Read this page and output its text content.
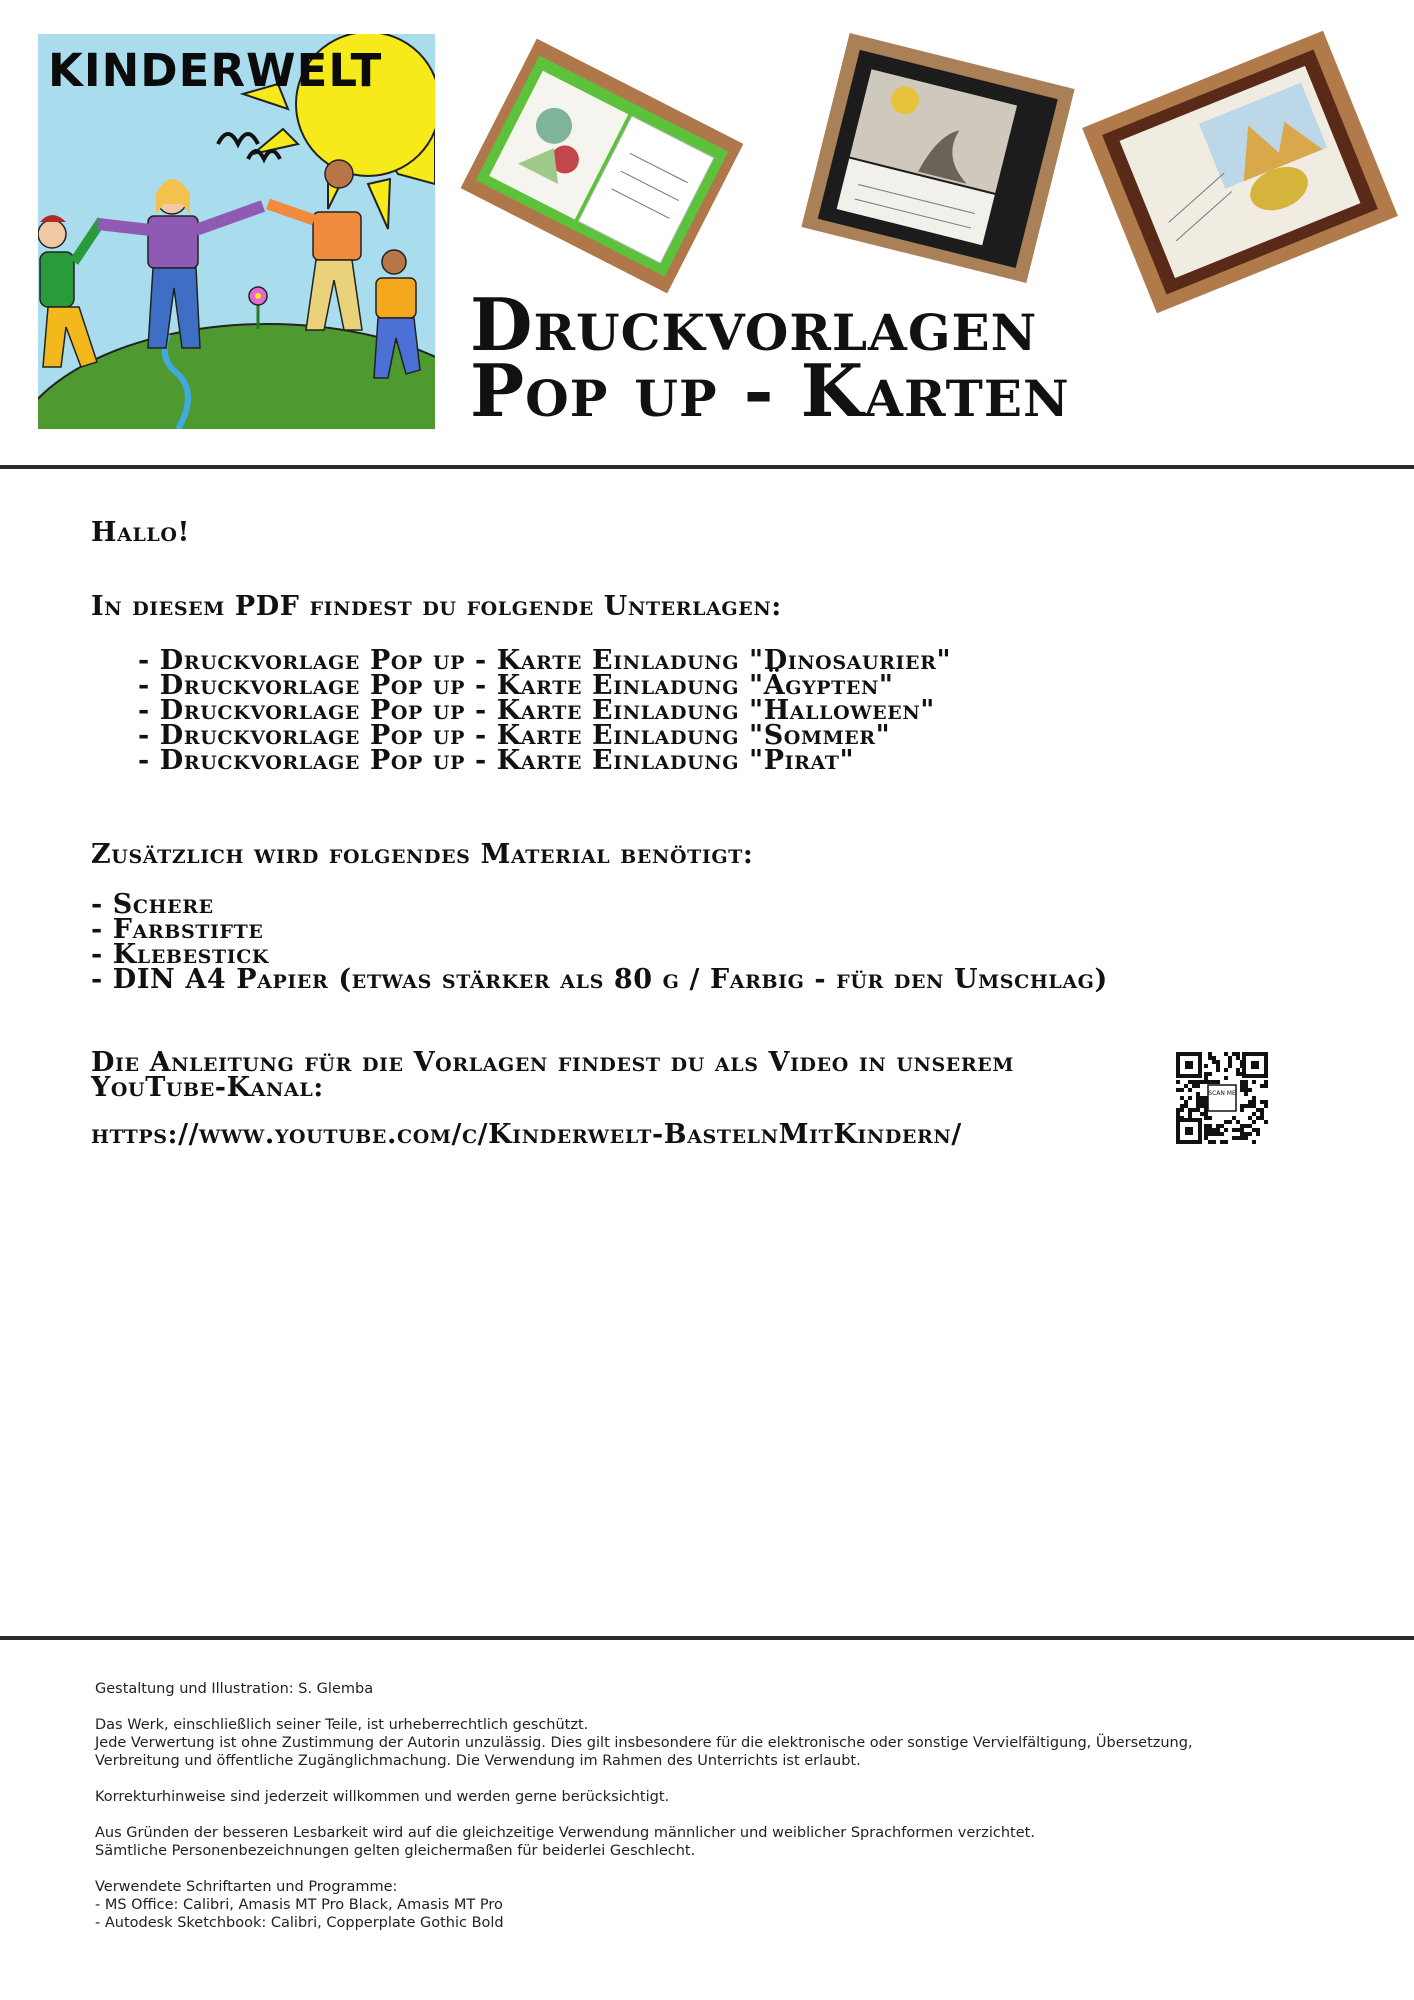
KINDERWELT
Druckvorlagen
Pop up - Karten
Hallo!
In diesem PDF findest du folgende Unterlagen:
- Druckvorlage Pop up - Karte Einladung "Dinosaurier"
- Druckvorlage Pop up - Karte Einladung "Ägypten"
- Druckvorlage Pop up - Karte Einladung "Halloween"
- Druckvorlage Pop up - Karte Einladung "Sommer"
- Druckvorlage Pop up - Karte Einladung "Pirat"
Zusätzlich wird folgendes Material benötigt:
- Schere
- Farbstifte
- Klebestick
- DIN A4 Papier (etwas stärker als 80 g / Farbig - für den Umschlag)
Die Anleitung für die Vorlagen findest du als Video in unserem
YouTube-Kanal:
https://www.youtube.com/c/Kinderwelt-BastelnMitKindern/
SCAN ME

Gestaltung und Illustration: S. Glemba

Das Werk, einschließlich seiner Teile, ist urheberrechtlich geschützt.
Jede Verwertung ist ohne Zustimmung der Autorin unzulässig. Dies gilt insbesondere für die elektronische oder sonstige Vervielfältigung, Übersetzung,
Verbreitung und öffentliche Zugänglichmachung. Die Verwendung im Rahmen des Unterrichts ist erlaubt.

Korrekturhinweise sind jederzeit willkommen und werden gerne berücksichtigt.

Aus Gründen der besseren Lesbarkeit wird auf die gleichzeitige Verwendung männlicher und weiblicher Sprachformen verzichtet.
Sämtliche Personenbezeichnungen gelten gleichermaßen für beiderlei Geschlecht.

Verwendete Schriftarten und Programme:
- MS Office: Calibri, Amasis MT Pro Black, Amasis MT Pro
- Autodesk Sketchbook: Calibri, Copperplate Gothic Bold
